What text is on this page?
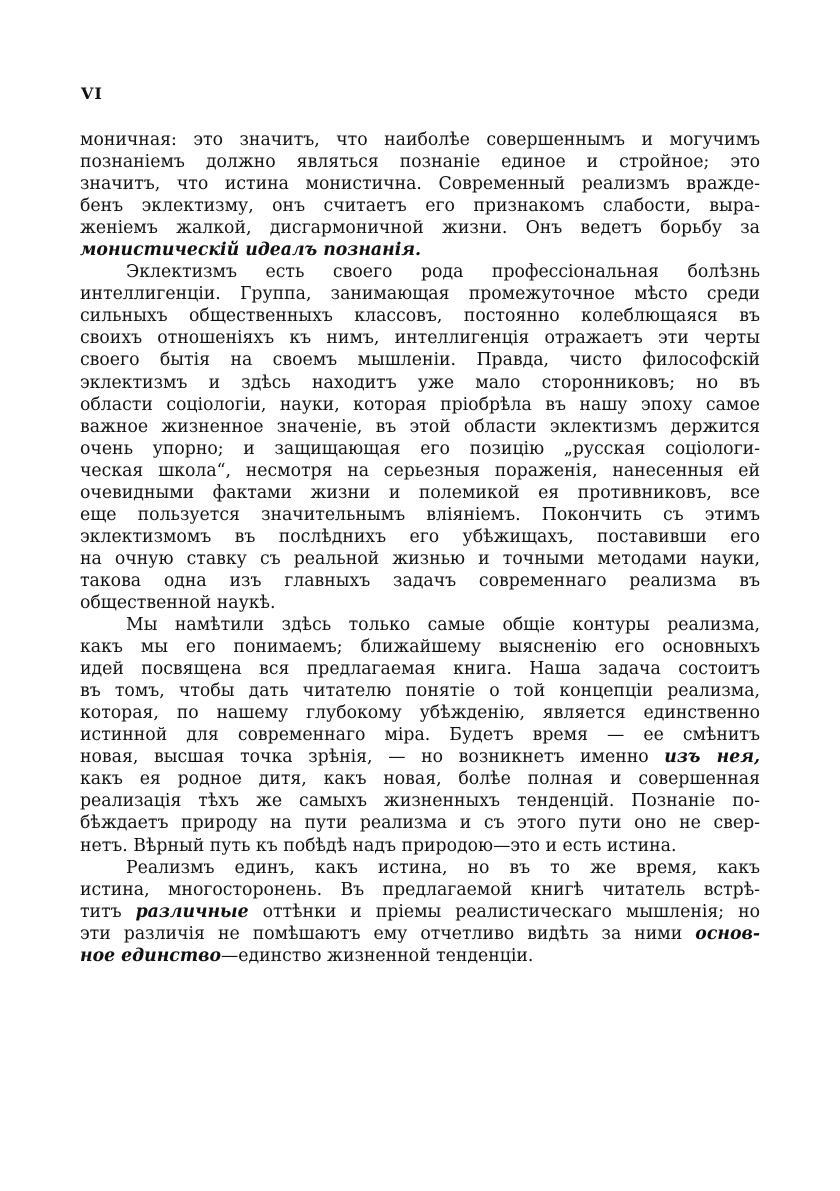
VI
моничная: это значитъ, что наиболѣе совершеннымъ и могучимъ
познаніемъ должно являться познаніе единое и стройное; это
значитъ, что истина монистична. Современный реализмъ враждe-
бенъ эклектизму, онъ считаетъ его признакомъ слабости, выра-
женіемъ жалкой, дисгармоничной жизни. Онъ ведетъ борьбу за
монистическій идеалъ познанія.
Эклектизмъ есть своего рода профессіональная болѣзнь
интеллигенціи. Группа, занимающая промежуточное мѣсто среди
сильныхъ общественныхъ классовъ, постоянно колеблющаяся въ
своихъ отношеніяхъ къ нимъ, интеллигенція отражаетъ эти черты
своего бытія на своемъ мышленіи. Правда, чисто философскій
эклектизмъ и здѣсь находитъ уже мало сторонниковъ; но въ
области соціологіи, науки, которая пріобрѣла въ нашу эпоху самое
важное жизненное значеніе, въ этой области эклектизмъ держится
очень упорно; и защищающая его позицію „русская соціологи-
ческая школа“, несмотря на серьезныя пораженія, нанесенныя ей
очевидными фактами жизни и полемикой ея противниковъ, все
еще пользуется значительнымъ вліяніемъ. Покончить съ этимъ
эклектизмомъ въ послѣднихъ его убѣжищахъ, поставивши его
на очную ставку съ реальной жизнью и точными методами науки,
такова одна изъ главныхъ задачъ современнаго реализма въ
общественной наукѣ.
Мы намѣтили здѣсь только самые общіе контуры реализма,
какъ мы его понимаемъ; ближайшему выясненію его основныхъ
идей посвящена вся предлагаемая книга. Наша задача состоитъ
въ томъ, чтобы дать читателю понятіе о той концепціи реализма,
которая, по нашему глубокому убѣжденію, является единственно
истинной для современнаго міра. Будетъ время — ее смѣнитъ
новая, высшая точка зрѣнія, — но возникнетъ именно изъ нея,
какъ ея родное дитя, какъ новая, болѣе полная и совершенная
реализація тѣхъ же самыхъ жизненныхъ тенденцій. Познаніе по-
бѣждаетъ природу на пути реализма и съ этого пути оно не свер-
нетъ. Вѣрный путь къ побѣдѣ надъ природою—это и есть истина.
Реализмъ единъ, какъ истина, но въ то же время, какъ
истина, многосторонень. Въ предлагаемой книгѣ читатель встрѣ-
титъ различные оттѣнки и пріемы реалистическаго мышленія; но
эти различія не помѣшаютъ ему отчетливо видѣть за ними основ-
ное единство—единство жизненной тенденціи.
